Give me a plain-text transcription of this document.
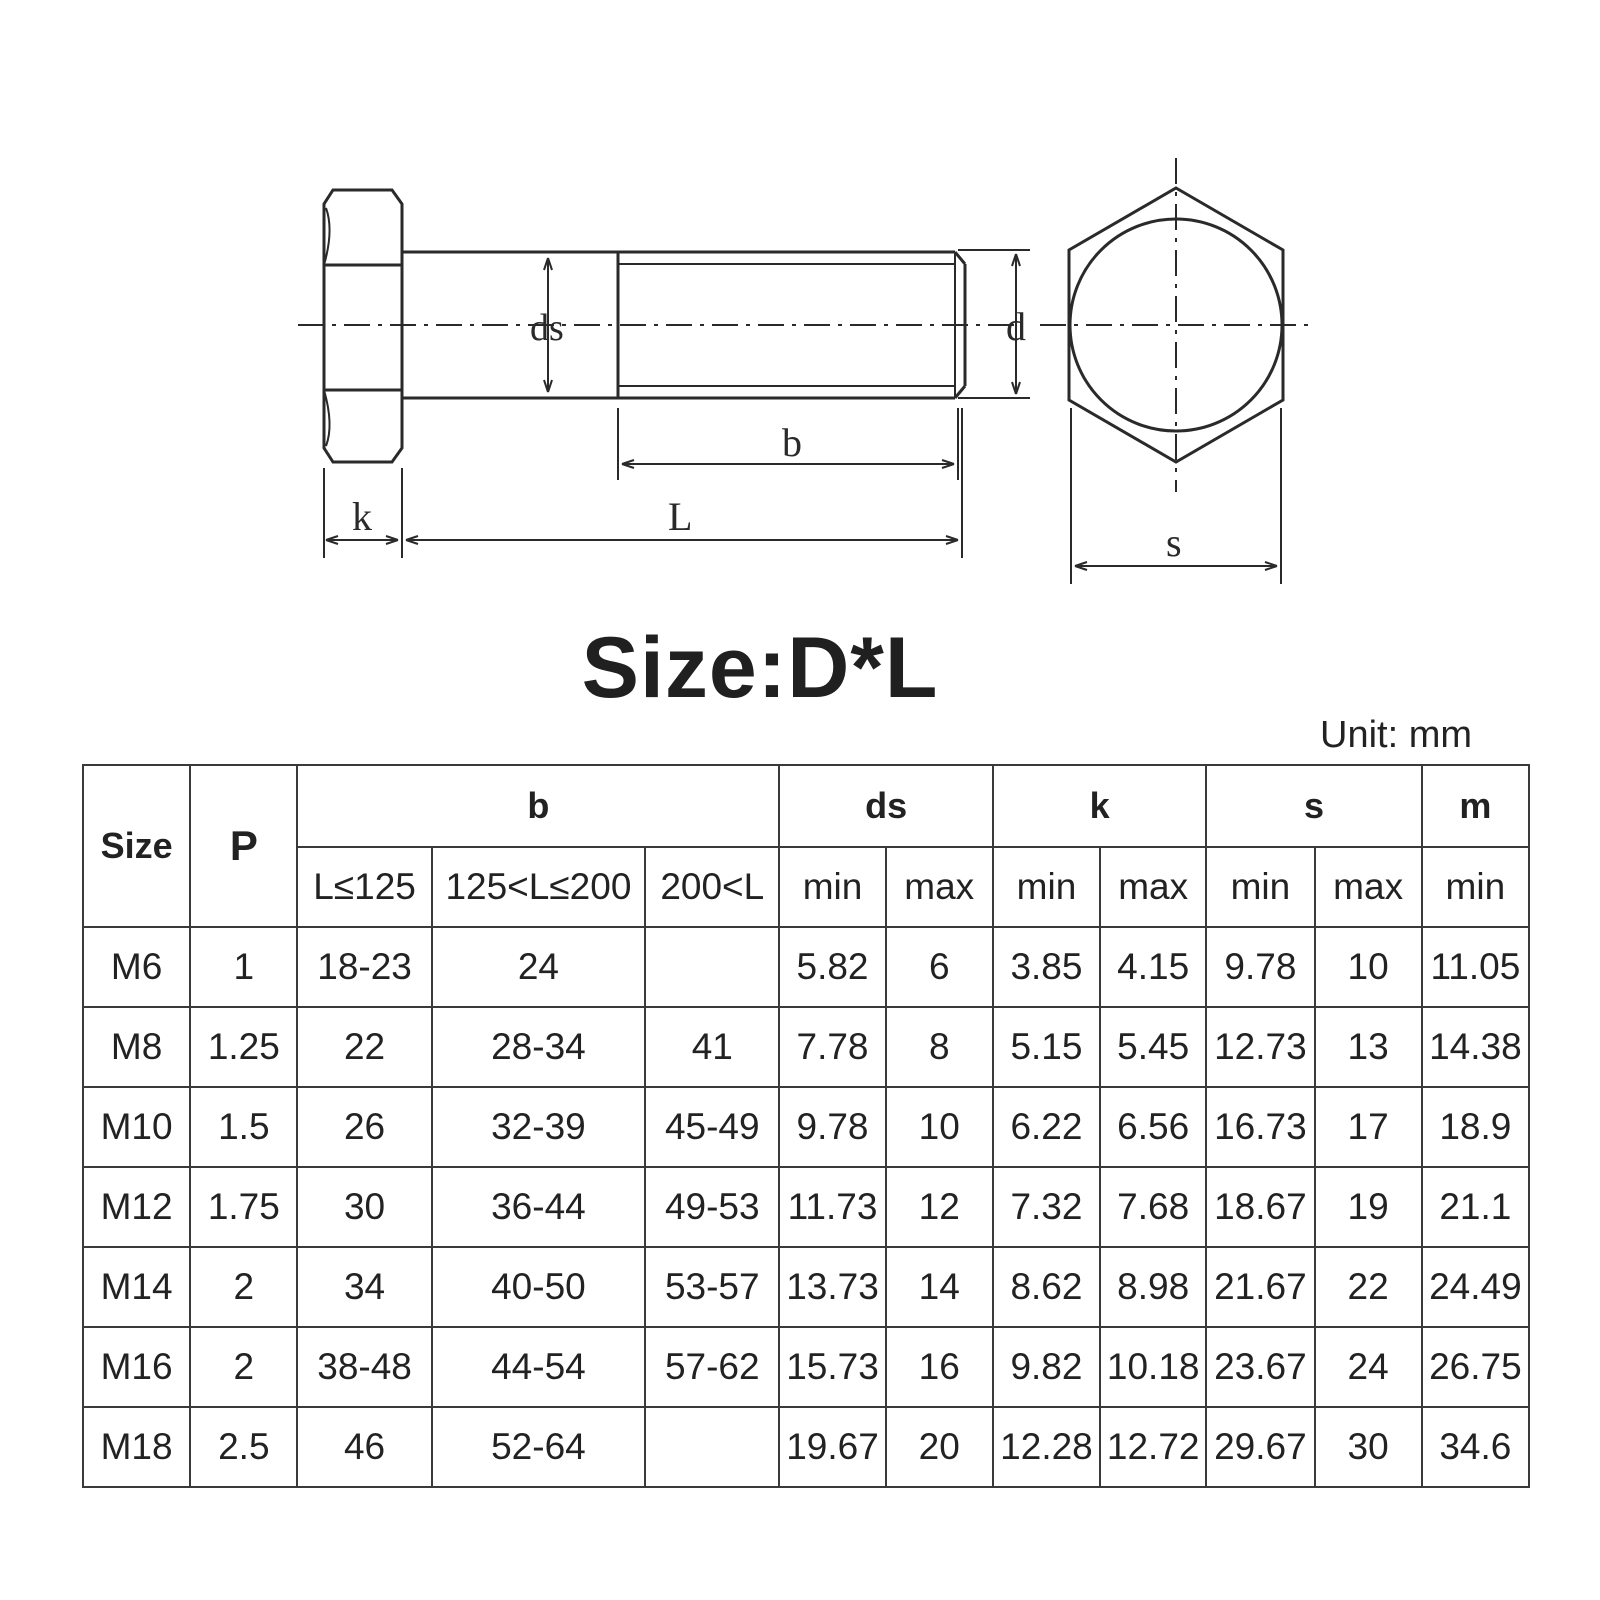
ds	d
b
k	L
s
Size:D*L
Unit: mm
Size	P	b			ds		k		s		m
		L≤125	125<L≤200	200<L	min	max	min	max	min	max	min
M6	1	18-23	24		5.82	6	3.85	4.15	9.78	10	11.05
M8	1.25	22	28-34	41	7.78	8	5.15	5.45	12.73	13	14.38
M10	1.5	26	32-39	45-49	9.78	10	6.22	6.56	16.73	17	18.9
M12	1.75	30	36-44	49-53	11.73	12	7.32	7.68	18.67	19	21.1
M14	2	34	40-50	53-57	13.73	14	8.62	8.98	21.67	22	24.49
M16	2	38-48	44-54	57-62	15.73	16	9.82	10.18	23.67	24	26.75
M18	2.5	46	52-64		19.67	20	12.28	12.72	29.67	30	34.6
